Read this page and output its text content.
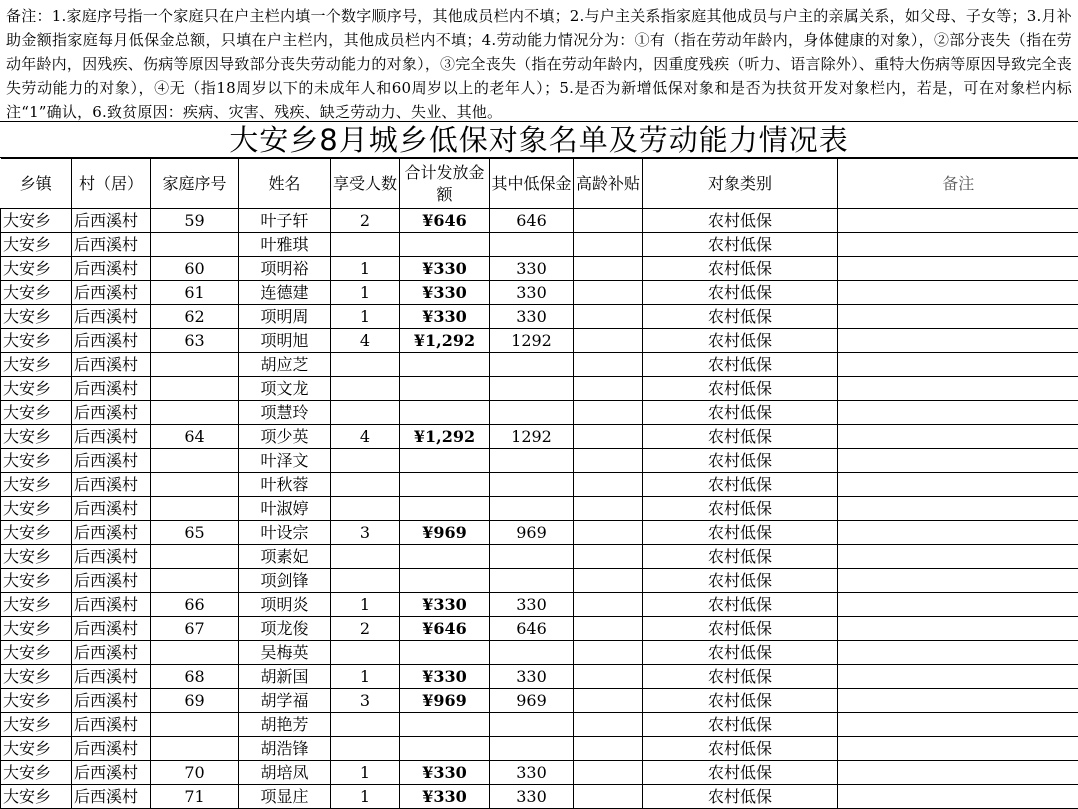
备注：1.家庭序号指一个家庭只在户主栏内填一个数字顺序号，其他成员栏内不填；2.与户主关系指家庭其他成员与户主的亲属关系，如父母、子女等；3.月补助金额指家庭每月低保金总额，只填在户主栏内，其他成员栏内不填；4.劳动能力情况分为：①有（指在劳动年龄内，身体健康的对象），②部分丧失（指在劳动年龄内，因残疾、伤病等原因导致部分丧失劳动能力的对象），③完全丧失（指在劳动年龄内，因重度残疾（听力、语言除外）、重特大伤病等原因导致完全丧失劳动能力的对象），④无（指18周岁以下的未成年人和60周岁以上的老年人）；5.是否为新增低保对象和是否为扶贫开发对象栏内，若是，可在对象栏内标注“1”确认，6.致贫原因：疾病、灾害、残疾、缺乏劳动力、失业、其他。
大安乡8月城乡低保对象名单及劳动能力情况表
乡镇	村（居）	家庭序号	姓名	享受人数	合计发放金额	其中低保金	高龄补贴	对象类别	备注
大安乡	后西溪村	59	叶子轩	2	¥646	646		农村低保	
大安乡	后西溪村		叶雅琪					农村低保	
大安乡	后西溪村	60	项明裕	1	¥330	330		农村低保	
大安乡	后西溪村	61	连德建	1	¥330	330		农村低保	
大安乡	后西溪村	62	项明周	1	¥330	330		农村低保	
大安乡	后西溪村	63	项明旭	4	¥1,292	1292		农村低保	
大安乡	后西溪村		胡应芝					农村低保	
大安乡	后西溪村		项文龙					农村低保	
大安乡	后西溪村		项慧玲					农村低保	
大安乡	后西溪村	64	项少英	4	¥1,292	1292		农村低保	
大安乡	后西溪村		叶泽文					农村低保	
大安乡	后西溪村		叶秋蓉					农村低保	
大安乡	后西溪村		叶淑婷					农村低保	
大安乡	后西溪村	65	叶设宗	3	¥969	969		农村低保	
大安乡	后西溪村		项素妃					农村低保	
大安乡	后西溪村		项剑锋					农村低保	
大安乡	后西溪村	66	项明炎	1	¥330	330		农村低保	
大安乡	后西溪村	67	项龙俊	2	¥646	646		农村低保	
大安乡	后西溪村		吴梅英					农村低保	
大安乡	后西溪村	68	胡新国	1	¥330	330		农村低保	
大安乡	后西溪村	69	胡学福	3	¥969	969		农村低保	
大安乡	后西溪村		胡艳芳					农村低保	
大安乡	后西溪村		胡浩锋					农村低保	
大安乡	后西溪村	70	胡培凤	1	¥330	330		农村低保	
大安乡	后西溪村	71	项显庄	1	¥330	330		农村低保	
